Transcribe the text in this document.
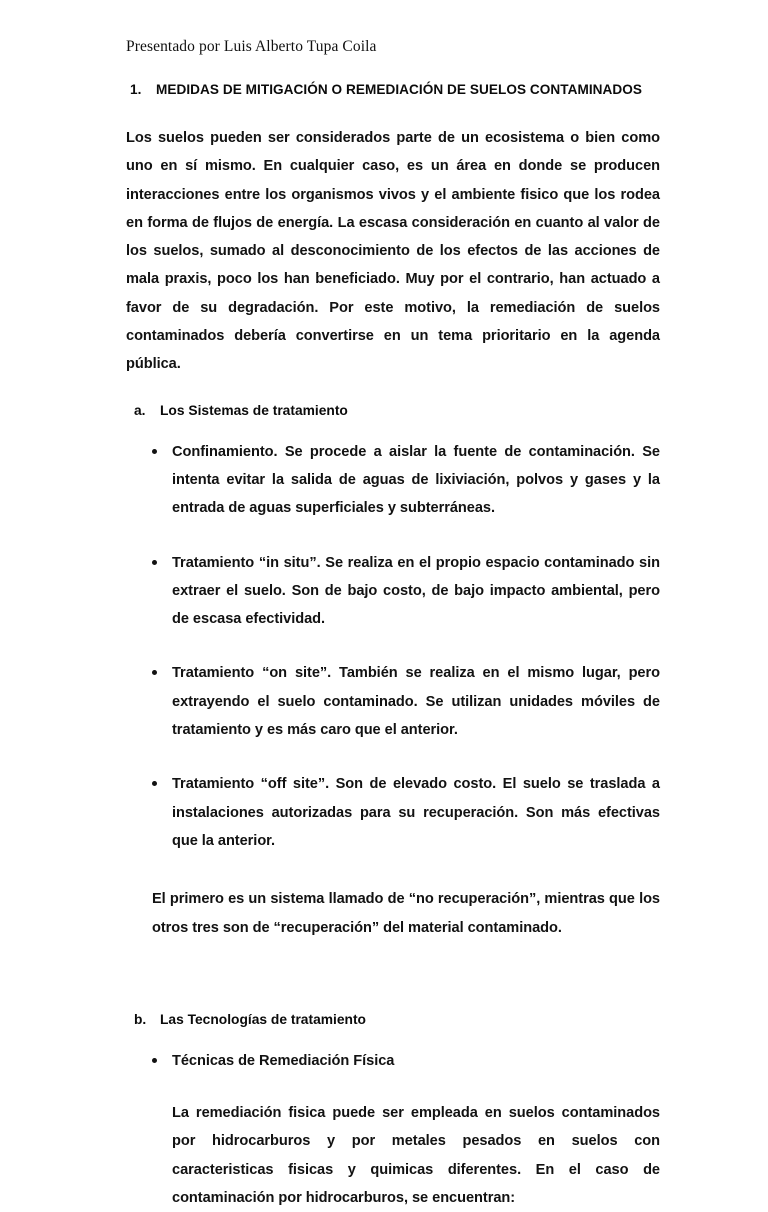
Presentado por Luis Alberto Tupa Coila
1.	MEDIDAS DE MITIGACIÓN O REMEDIACIÓN DE SUELOS CONTAMINADOS

Los suelos pueden ser considerados parte de un ecosistema o bien como uno en sí mismo. En cualquier caso, es un área en donde se producen interacciones entre los organismos vivos y el ambiente fisico que los rodea en forma de flujos de energía. La escasa consideración en cuanto al valor de los suelos, sumado al desconocimiento de los efectos de las acciones de mala praxis, poco los han beneficiado. Muy por el contrario, han actuado a favor de su degradación. Por este motivo, la remediación de suelos contaminados debería convertirse en un tema prioritario en la agenda pública.

a.	Los Sistemas de tratamiento
Confinamiento. Se procede a aislar la fuente de contaminación. Se intenta evitar la salida de aguas de lixiviación, polvos y gases y la entrada de aguas superficiales y subterráneas.
Tratamiento “in situ”. Se realiza en el propio espacio contaminado sin extraer el suelo. Son de bajo costo, de bajo impacto ambiental, pero de escasa efectividad.
Tratamiento “on site”. También se realiza en el mismo lugar, pero extrayendo el suelo contaminado. Se utilizan unidades móviles de tratamiento y es más caro que el anterior.
Tratamiento “off site”. Son de elevado costo. El suelo se traslada a instalaciones autorizadas para su recuperación. Son más efectivas que la anterior.

El primero es un sistema llamado de “no recuperación”, mientras que los otros tres son de “recuperación” del material contaminado.

b. Las Tecnologías de tratamiento
Técnicas de Remediación Física

La remediación fisica puede ser empleada en suelos contaminados por hidrocarburos y por metales pesados en suelos con caracteristicas fisicas y quimicas diferentes. En el caso de contaminación por hidrocarburos, se encuentran:
